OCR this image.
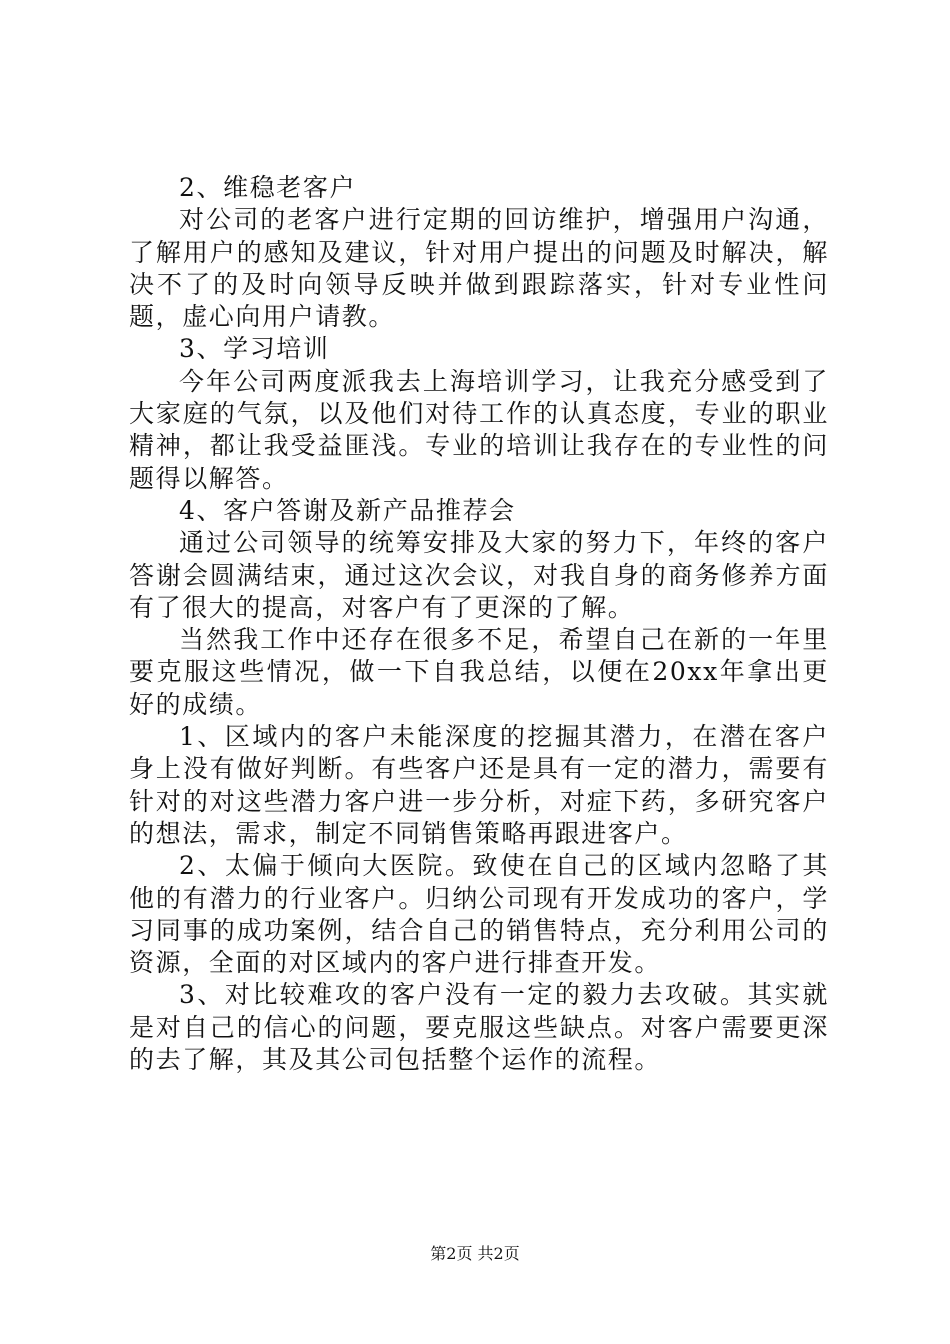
2、维稳老客户

对公司的老客户进行定期的回访维护，增强用户沟通，了解用户的感知及建议，针对用户提出的问题及时解决，解决不了的及时向领导反映并做到跟踪落实，针对专业性问题，虚心向用户请教。

3、学习培训

今年公司两度派我去上海培训学习，让我充分感受到了大家庭的气氛，以及他们对待工作的认真态度，专业的职业精神，都让我受益匪浅。专业的培训让我存在的专业性的问题得以解答。

4、客户答谢及新产品推荐会

通过公司领导的统筹安排及大家的努力下，年终的客户答谢会圆满结束，通过这次会议，对我自身的商务修养方面有了很大的提高，对客户有了更深的了解。

当然我工作中还存在很多不足，希望自己在新的一年里要克服这些情况，做一下自我总结，以便在20xx年拿出更好的成绩。

1、区域内的客户未能深度的挖掘其潜力，在潜在客户身上没有做好判断。有些客户还是具有一定的潜力，需要有针对的对这些潜力客户进一步分析，对症下药，多研究客户的想法，需求，制定不同销售策略再跟进客户。

2、太偏于倾向大医院。致使在自己的区域内忽略了其他的有潜力的行业客户。归纳公司现有开发成功的客户，学习同事的成功案例，结合自己的销售特点，充分利用公司的资源，全面的对区域内的客户进行排查开发。

3、对比较难攻的客户没有一定的毅力去攻破。其实就是对自己的信心的问题，要克服这些缺点。对客户需要更深的去了解，其及其公司包括整个运作的流程。

第2页 共2页
